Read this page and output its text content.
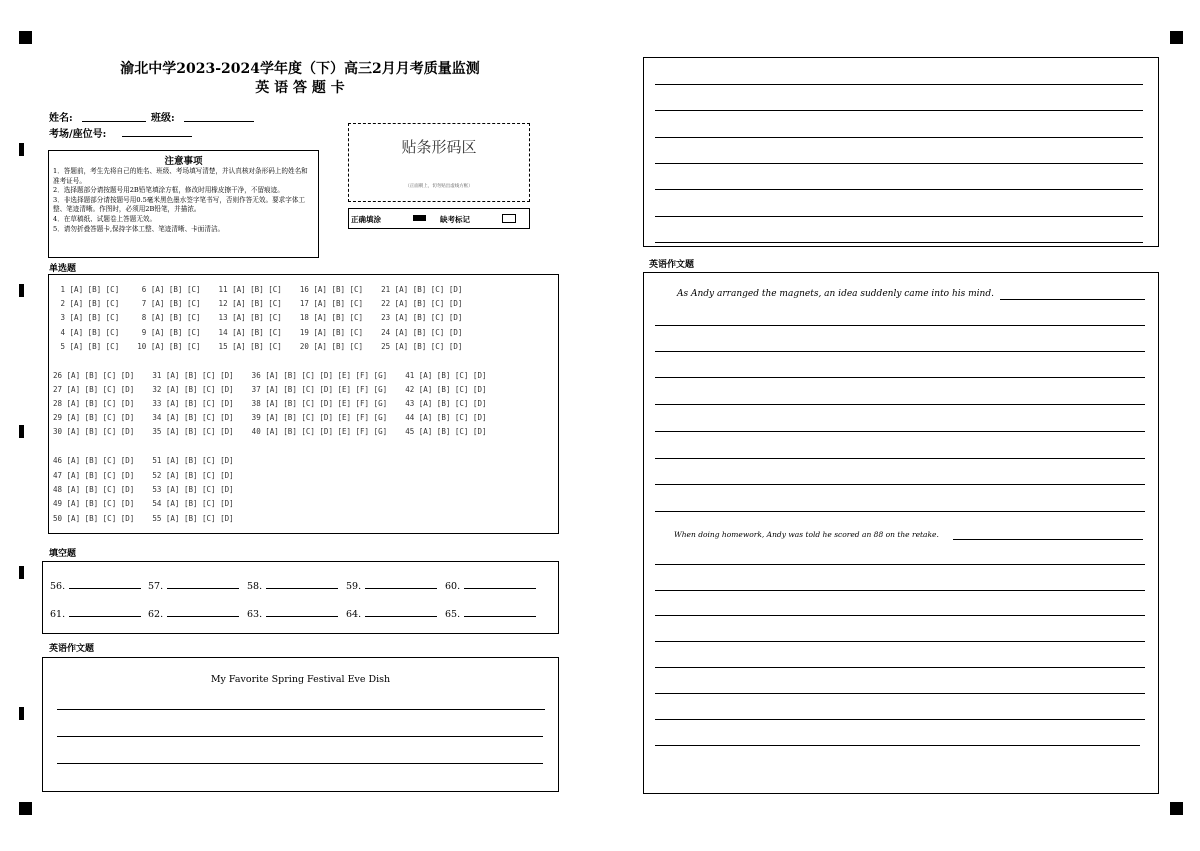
渝北中学2023-2024学年度（下）高三2月月考质量监测
英 语 答 题 卡
姓名:	班级:
考场/座位号:
注意事项
1．答题前，考生先将自己的姓名、班级、考场填写清楚，并认真核对条形码上的姓名和准考证号。
2．选择题部分请按题号用2B铅笔填涂方框，修改时用橡皮擦干净，不留痕迹。
3．非选择题部分请按题号用0.5毫米黑色墨水签字笔书写，否则作答无效。要求字体工整、笔迹清晰。作图时，必须用2B铅笔，并描浓。
4．在草稿纸、试题卷上答题无效。
5．请勿折叠答题卡,保持字体工整、笔迹清晰、卡面清洁。
贴条形码区
（正面朝上，切勿贴出虚线方框）
正确填涂	缺考标记
单选题
1 [A] [B] [C]     6 [A] [B] [C]    11 [A] [B] [C]    16 [A] [B] [C]    21 [A] [B] [C] [D]
2 [A] [B] [C]     7 [A] [B] [C]    12 [A] [B] [C]    17 [A] [B] [C]    22 [A] [B] [C] [D]
3 [A] [B] [C]     8 [A] [B] [C]    13 [A] [B] [C]    18 [A] [B] [C]    23 [A] [B] [C] [D]
4 [A] [B] [C]     9 [A] [B] [C]    14 [A] [B] [C]    19 [A] [B] [C]    24 [A] [B] [C] [D]
5 [A] [B] [C]    10 [A] [B] [C]    15 [A] [B] [C]    20 [A] [B] [C]    25 [A] [B] [C] [D]
26 [A] [B] [C] [D]    31 [A] [B] [C] [D]    36 [A] [B] [C] [D] [E] [F] [G]    41 [A] [B] [C] [D]
27 [A] [B] [C] [D]    32 [A] [B] [C] [D]    37 [A] [B] [C] [D] [E] [F] [G]    42 [A] [B] [C] [D]
28 [A] [B] [C] [D]    33 [A] [B] [C] [D]    38 [A] [B] [C] [D] [E] [F] [G]    43 [A] [B] [C] [D]
29 [A] [B] [C] [D]    34 [A] [B] [C] [D]    39 [A] [B] [C] [D] [E] [F] [G]    44 [A] [B] [C] [D]
30 [A] [B] [C] [D]    35 [A] [B] [C] [D]    40 [A] [B] [C] [D] [E] [F] [G]    45 [A] [B] [C] [D]
46 [A] [B] [C] [D]    51 [A] [B] [C] [D]
47 [A] [B] [C] [D]    52 [A] [B] [C] [D]
48 [A] [B] [C] [D]    53 [A] [B] [C] [D]
49 [A] [B] [C] [D]    54 [A] [B] [C] [D]
50 [A] [B] [C] [D]    55 [A] [B] [C] [D]
填空题
56.	57.	58.	59.	60.
61.	62.	63.	64.	65.
英语作文题
My Favorite Spring Festival Eve Dish
英语作文题
As Andy arranged the magnets, an idea suddenly came into his mind.
When doing homework, Andy was told he scored an 88 on the retake.
